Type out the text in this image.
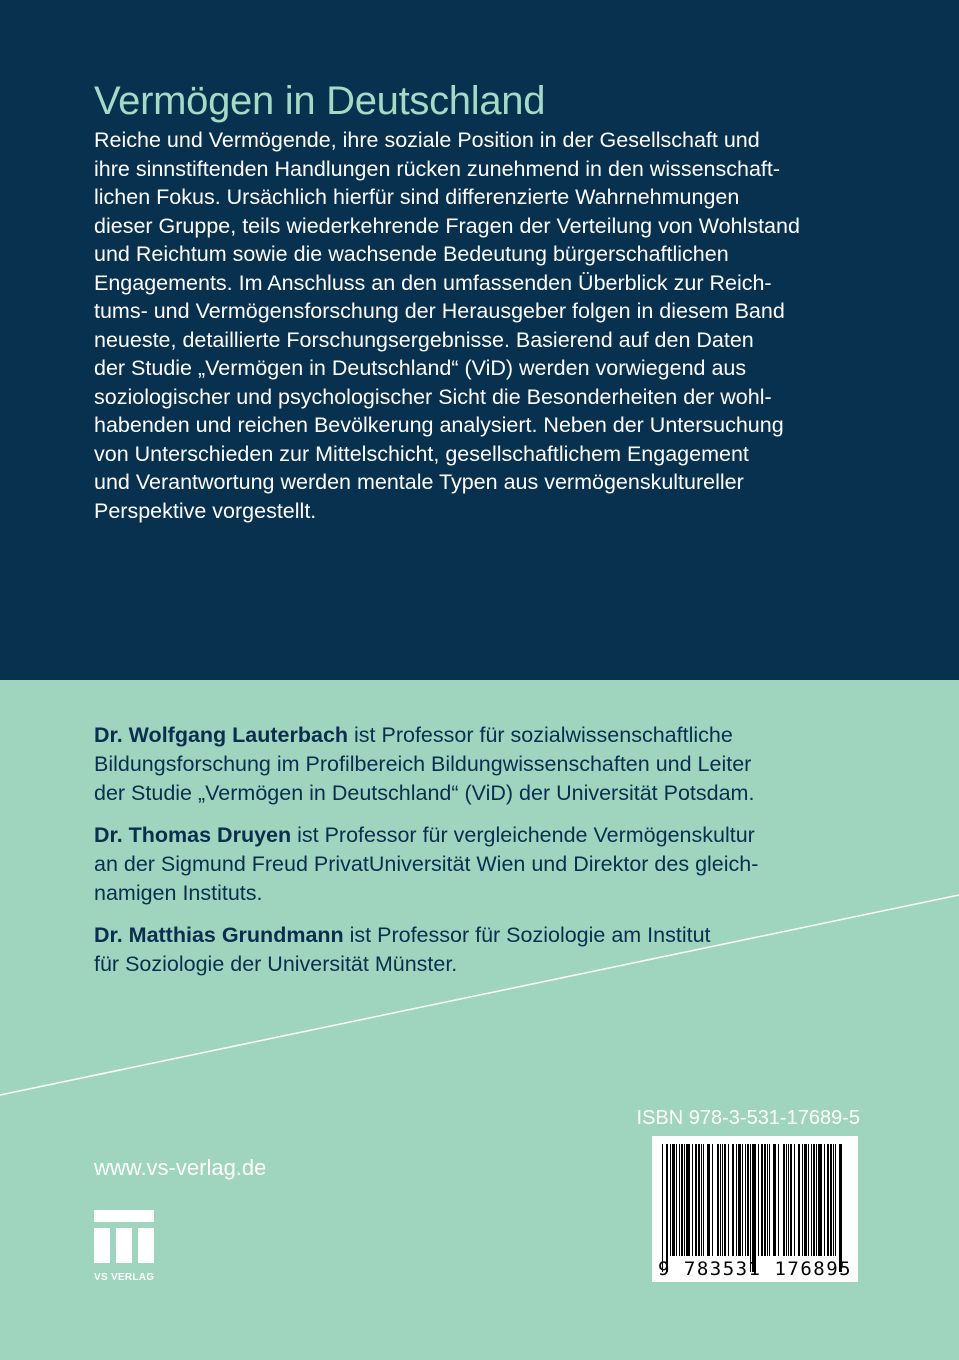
Vermögen in Deutschland
Reiche und Vermögende, ihre soziale Position in der Gesellschaft und
ihre sinnstiftenden Handlungen rücken zunehmend in den wissenschaft-
lichen Fokus. Ursächlich hierfür sind differenzierte Wahrnehmungen
dieser Gruppe, teils wiederkehrende Fragen der Verteilung von Wohlstand
und Reichtum sowie die wachsende Bedeutung bürgerschaftlichen
Engagements. Im Anschluss an den umfassenden Überblick zur Reich-
tums- und Vermögensforschung der Herausgeber folgen in diesem Band
neueste, detaillierte Forschungsergebnisse. Basierend auf den Daten
der Studie „Vermögen in Deutschland“ (ViD) werden vorwiegend aus
soziologischer und psychologischer Sicht die Besonderheiten der wohl-
habenden und reichen Bevölkerung analysiert. Neben der Untersuchung
von Unterschieden zur Mittelschicht, gesellschaftlichem Engagement
und Verantwortung werden mentale Typen aus vermögenskultureller
Perspektive vorgestellt.
Dr. Wolfgang Lauterbach ist Professor für sozialwissenschaftliche
Bildungsforschung im Profilbereich Bildungwissenschaften und Leiter
der Studie „Vermögen in Deutschland“ (ViD) der Universität Potsdam.
Dr. Thomas Druyen ist Professor für vergleichende Vermögenskultur
an der Sigmund Freud PrivatUniversität Wien und Direktor des gleich-
namigen Instituts.
Dr. Matthias Grundmann ist Professor für Soziologie am Institut
für Soziologie der Universität Münster.
www.vs-verlag.de
VS VERLAG
ISBN 978-3-531-17689-5
9 783531 176895
